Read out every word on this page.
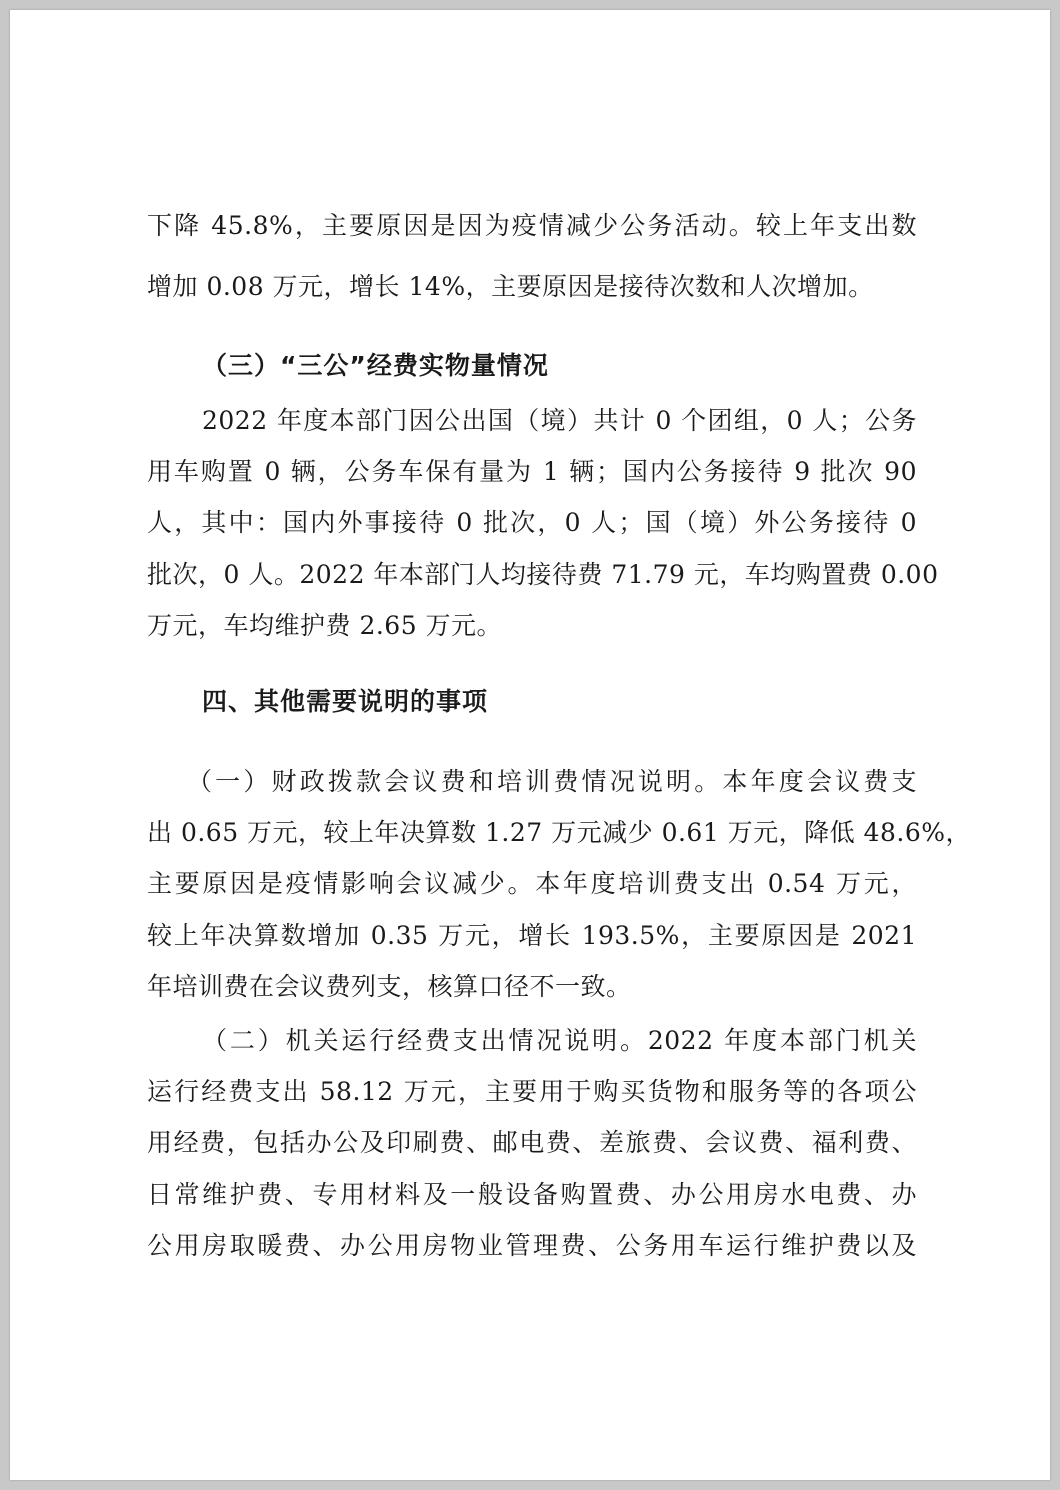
下降 45.8%，主要原因是因为疫情减少公务活动。较上年支出数
增加 0.08 万元，增长 14%，主要原因是接待次数和人次增加。
（三）“三公”经费实物量情况
2022 年度本部门因公出国（境）共计 0 个团组，0 人；公务
用车购置 0 辆，公务车保有量为 1 辆；国内公务接待 9 批次 90
人，其中：国内外事接待 0 批次，0 人；国（境）外公务接待 0
批次，0 人。2022 年本部门人均接待费 71.79 元，车均购置费 0.00
万元，车均维护费 2.65 万元。
四、其他需要说明的事项
（一）财政拨款会议费和培训费情况说明。本年度会议费支
出 0.65 万元，较上年决算数 1.27 万元减少 0.61 万元，降低 48.6%，
主要原因是疫情影响会议减少。本年度培训费支出 0.54 万元，
较上年决算数增加 0.35 万元，增长 193.5%，主要原因是 2021
年培训费在会议费列支，核算口径不一致。
（二）机关运行经费支出情况说明。2022 年度本部门机关
运行经费支出 58.12 万元，主要用于购买货物和服务等的各项公
用经费，包括办公及印刷费、邮电费、差旅费、会议费、福利费、
日常维护费、专用材料及一般设备购置费、办公用房水电费、办
公用房取暖费、办公用房物业管理费、公务用车运行维护费以及
